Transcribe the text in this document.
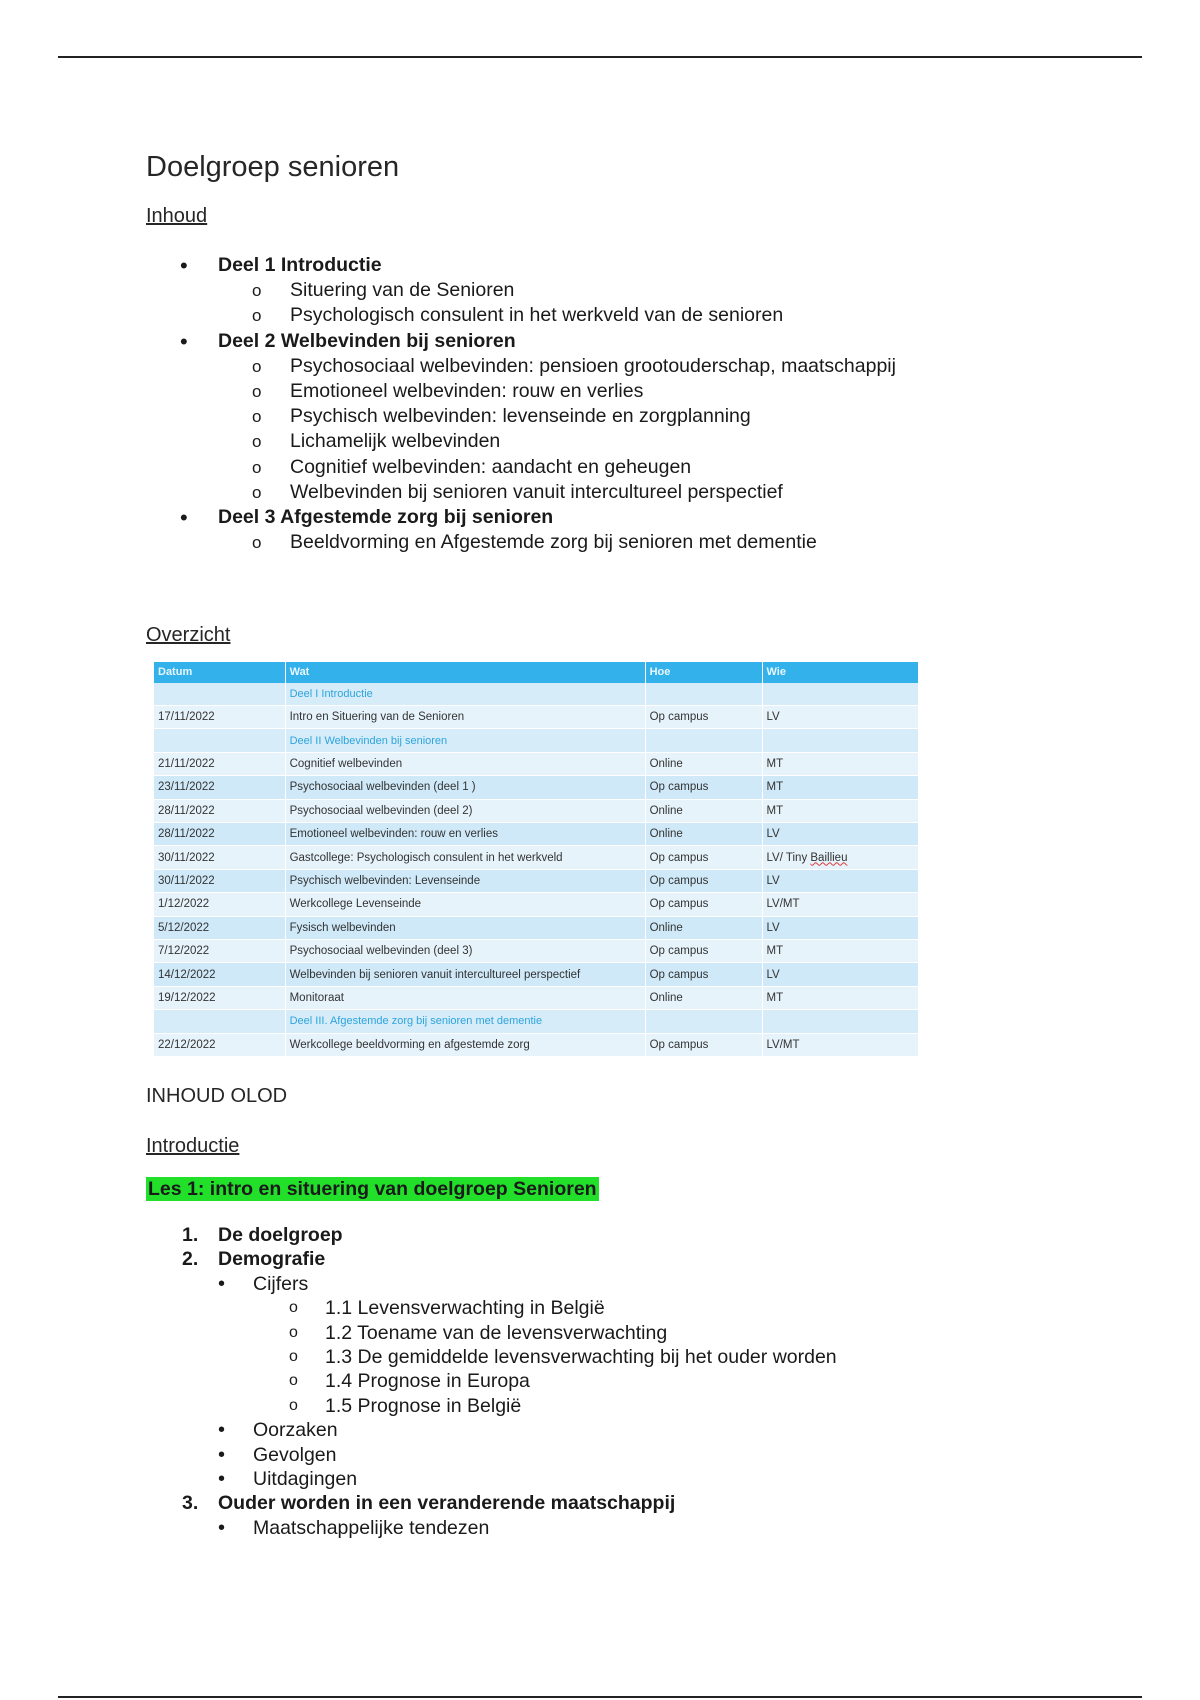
Doelgroep senioren

Inhoud

• Deel 1 Introductie
o Situering van de Senioren
o Psychologisch consulent in het werkveld van de senioren
• Deel 2 Welbevinden bij senioren
o Psychosociaal welbevinden: pensioen grootouderschap, maatschappij
o Emotioneel welbevinden: rouw en verlies
o Psychisch welbevinden: levenseinde en zorgplanning
o Lichamelijk welbevinden
o Cognitief welbevinden: aandacht en geheugen
o Welbevinden bij senioren vanuit intercultureel perspectief
• Deel 3 Afgestemde zorg bij senioren
o Beeldvorming en Afgestemde zorg bij senioren met dementie

Overzicht

Datum	Wat	Hoe	Wie
	Deel I Introductie		
17/11/2022	Intro en Situering van de Senioren	Op campus	LV
	Deel II Welbevinden bij senioren		
21/11/2022	Cognitief welbevinden	Online	MT
23/11/2022	Psychosociaal welbevinden (deel 1 )	Op campus	MT
28/11/2022	Psychosociaal welbevinden (deel 2)	Online	MT
28/11/2022	Emotioneel welbevinden: rouw en verlies	Online	LV
30/11/2022	Gastcollege: Psychologisch consulent in het werkveld	Op campus	LV/ Tiny Baillieu
30/11/2022	Psychisch welbevinden: Levenseinde	Op campus	LV
1/12/2022	Werkcollege Levenseinde	Op campus	LV/MT
5/12/2022	Fysisch welbevinden	Online	LV
7/12/2022	Psychosociaal welbevinden (deel 3)	Op campus	MT
14/12/2022	Welbevinden bij senioren vanuit intercultureel perspectief	Op campus	LV
19/12/2022	Monitoraat	Online	MT
	Deel III. Afgestemde zorg bij senioren met dementie		
22/12/2022	Werkcollege beeldvorming en afgestemde zorg	Op campus	LV/MT

INHOUD OLOD

Introductie

Les 1: intro en situering van doelgroep Senioren

1. De doelgroep
2. Demografie
• Cijfers
o 1.1 Levensverwachting in België
o 1.2 Toename van de levensverwachting
o 1.3 De gemiddelde levensverwachting bij het ouder worden
o 1.4 Prognose in Europa
o 1.5 Prognose in België
• Oorzaken
• Gevolgen
• Uitdagingen
3. Ouder worden in een veranderende maatschappij
• Maatschappelijke tendezen
